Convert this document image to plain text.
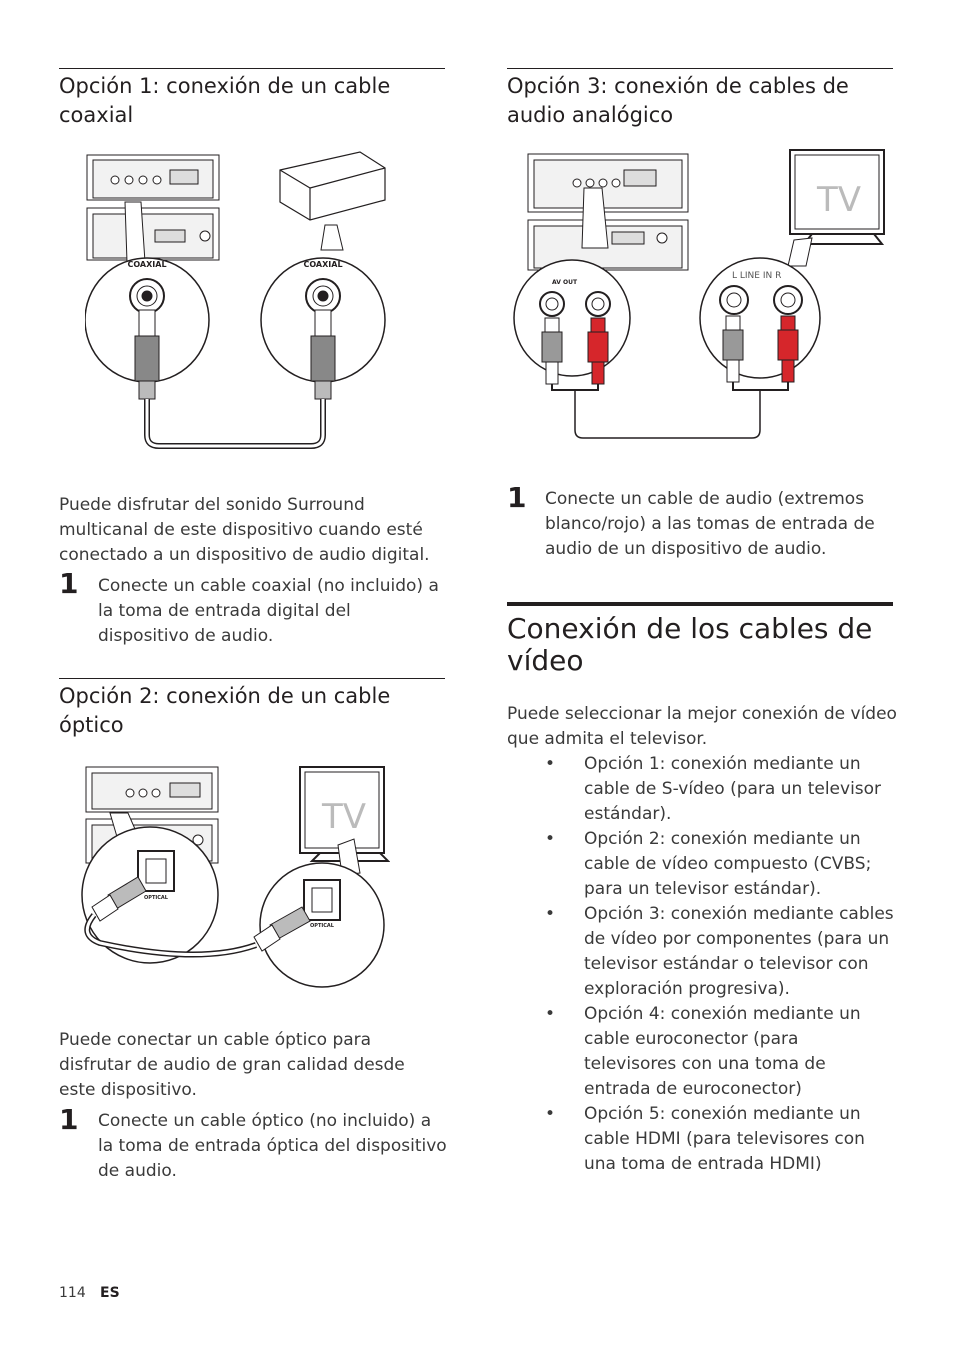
Opción 1: conexión de un cable coaxial
COAXIAL	COAXIAL

Puede disfrutar del sonido Surround multicanal de este dispositivo cuando esté conectado a un dispositivo de audio digital.

1 Conecte un cable coaxial (no incluido) a la toma de entrada digital del dispositivo de audio.

Opción 2: conexión de un cable óptico
TV
OPTICAL
OPTICAL

Puede conectar un cable óptico para disfrutar de audio de gran calidad desde este dispositivo.

1 Conecte un cable óptico (no incluido) a la toma de entrada óptica del dispositivo de audio.

Opción 3: conexión de cables de audio analógico
TV
AV OUT
L LINE IN R
1 Conecte un cable de audio (extremos blanco/rojo) a las tomas de entrada de audio de un dispositivo de audio.

Conexión de los cables de vídeo

Puede seleccionar la mejor conexión de vídeo que admita el televisor.

• Opción 1: conexión mediante un cable de S-vídeo (para un televisor estándar).
• Opción 2: conexión mediante un cable de vídeo compuesto (CVBS; para un televisor estándar).
• Opción 3: conexión mediante cables de vídeo por componentes (para un televisor estándar o televisor con exploración progresiva).
• Opción 4: conexión mediante un cable euroconector (para televisores con una toma de entrada de euroconector)
• Opción 5: conexión mediante un cable HDMI (para televisores con una toma de entrada HDMI)
114 ES
